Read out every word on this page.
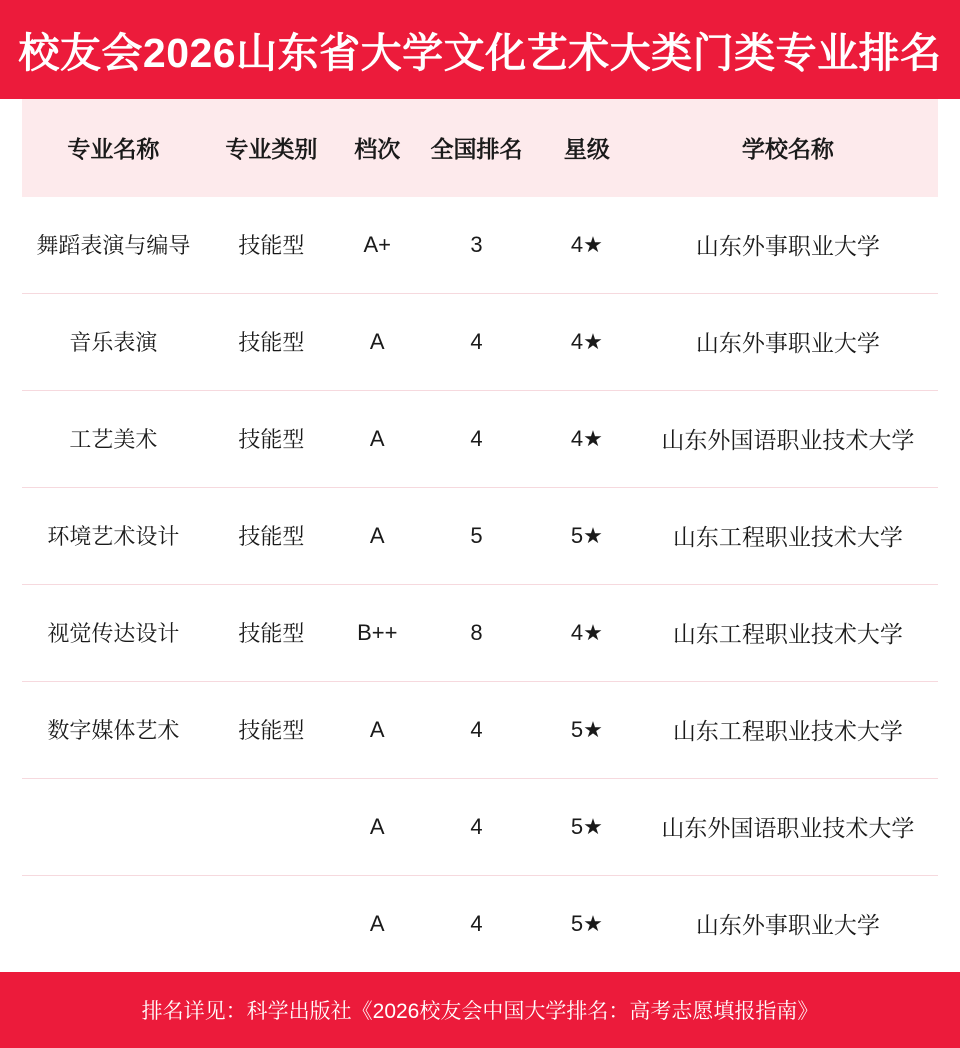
校友会2026山东省大学文化艺术大类门类专业排名
专业名称	专业类别	档次	全国排名	星级	学校名称
舞蹈表演与编导	技能型	A+	3	4★	山东外事职业大学
音乐表演	技能型	A	4	4★	山东外事职业大学
工艺美术	技能型	A	4	4★	山东外国语职业技术大学
环境艺术设计	技能型	A	5	5★	山东工程职业技术大学
视觉传达设计	技能型	B++	8	4★	山东工程职业技术大学
数字媒体艺术	技能型	A	4	5★	山东工程职业技术大学
		A	4	5★	山东外国语职业技术大学
		A	4	5★	山东外事职业大学
排名详见：科学出版社《2026校友会中国大学排名：高考志愿填报指南》
